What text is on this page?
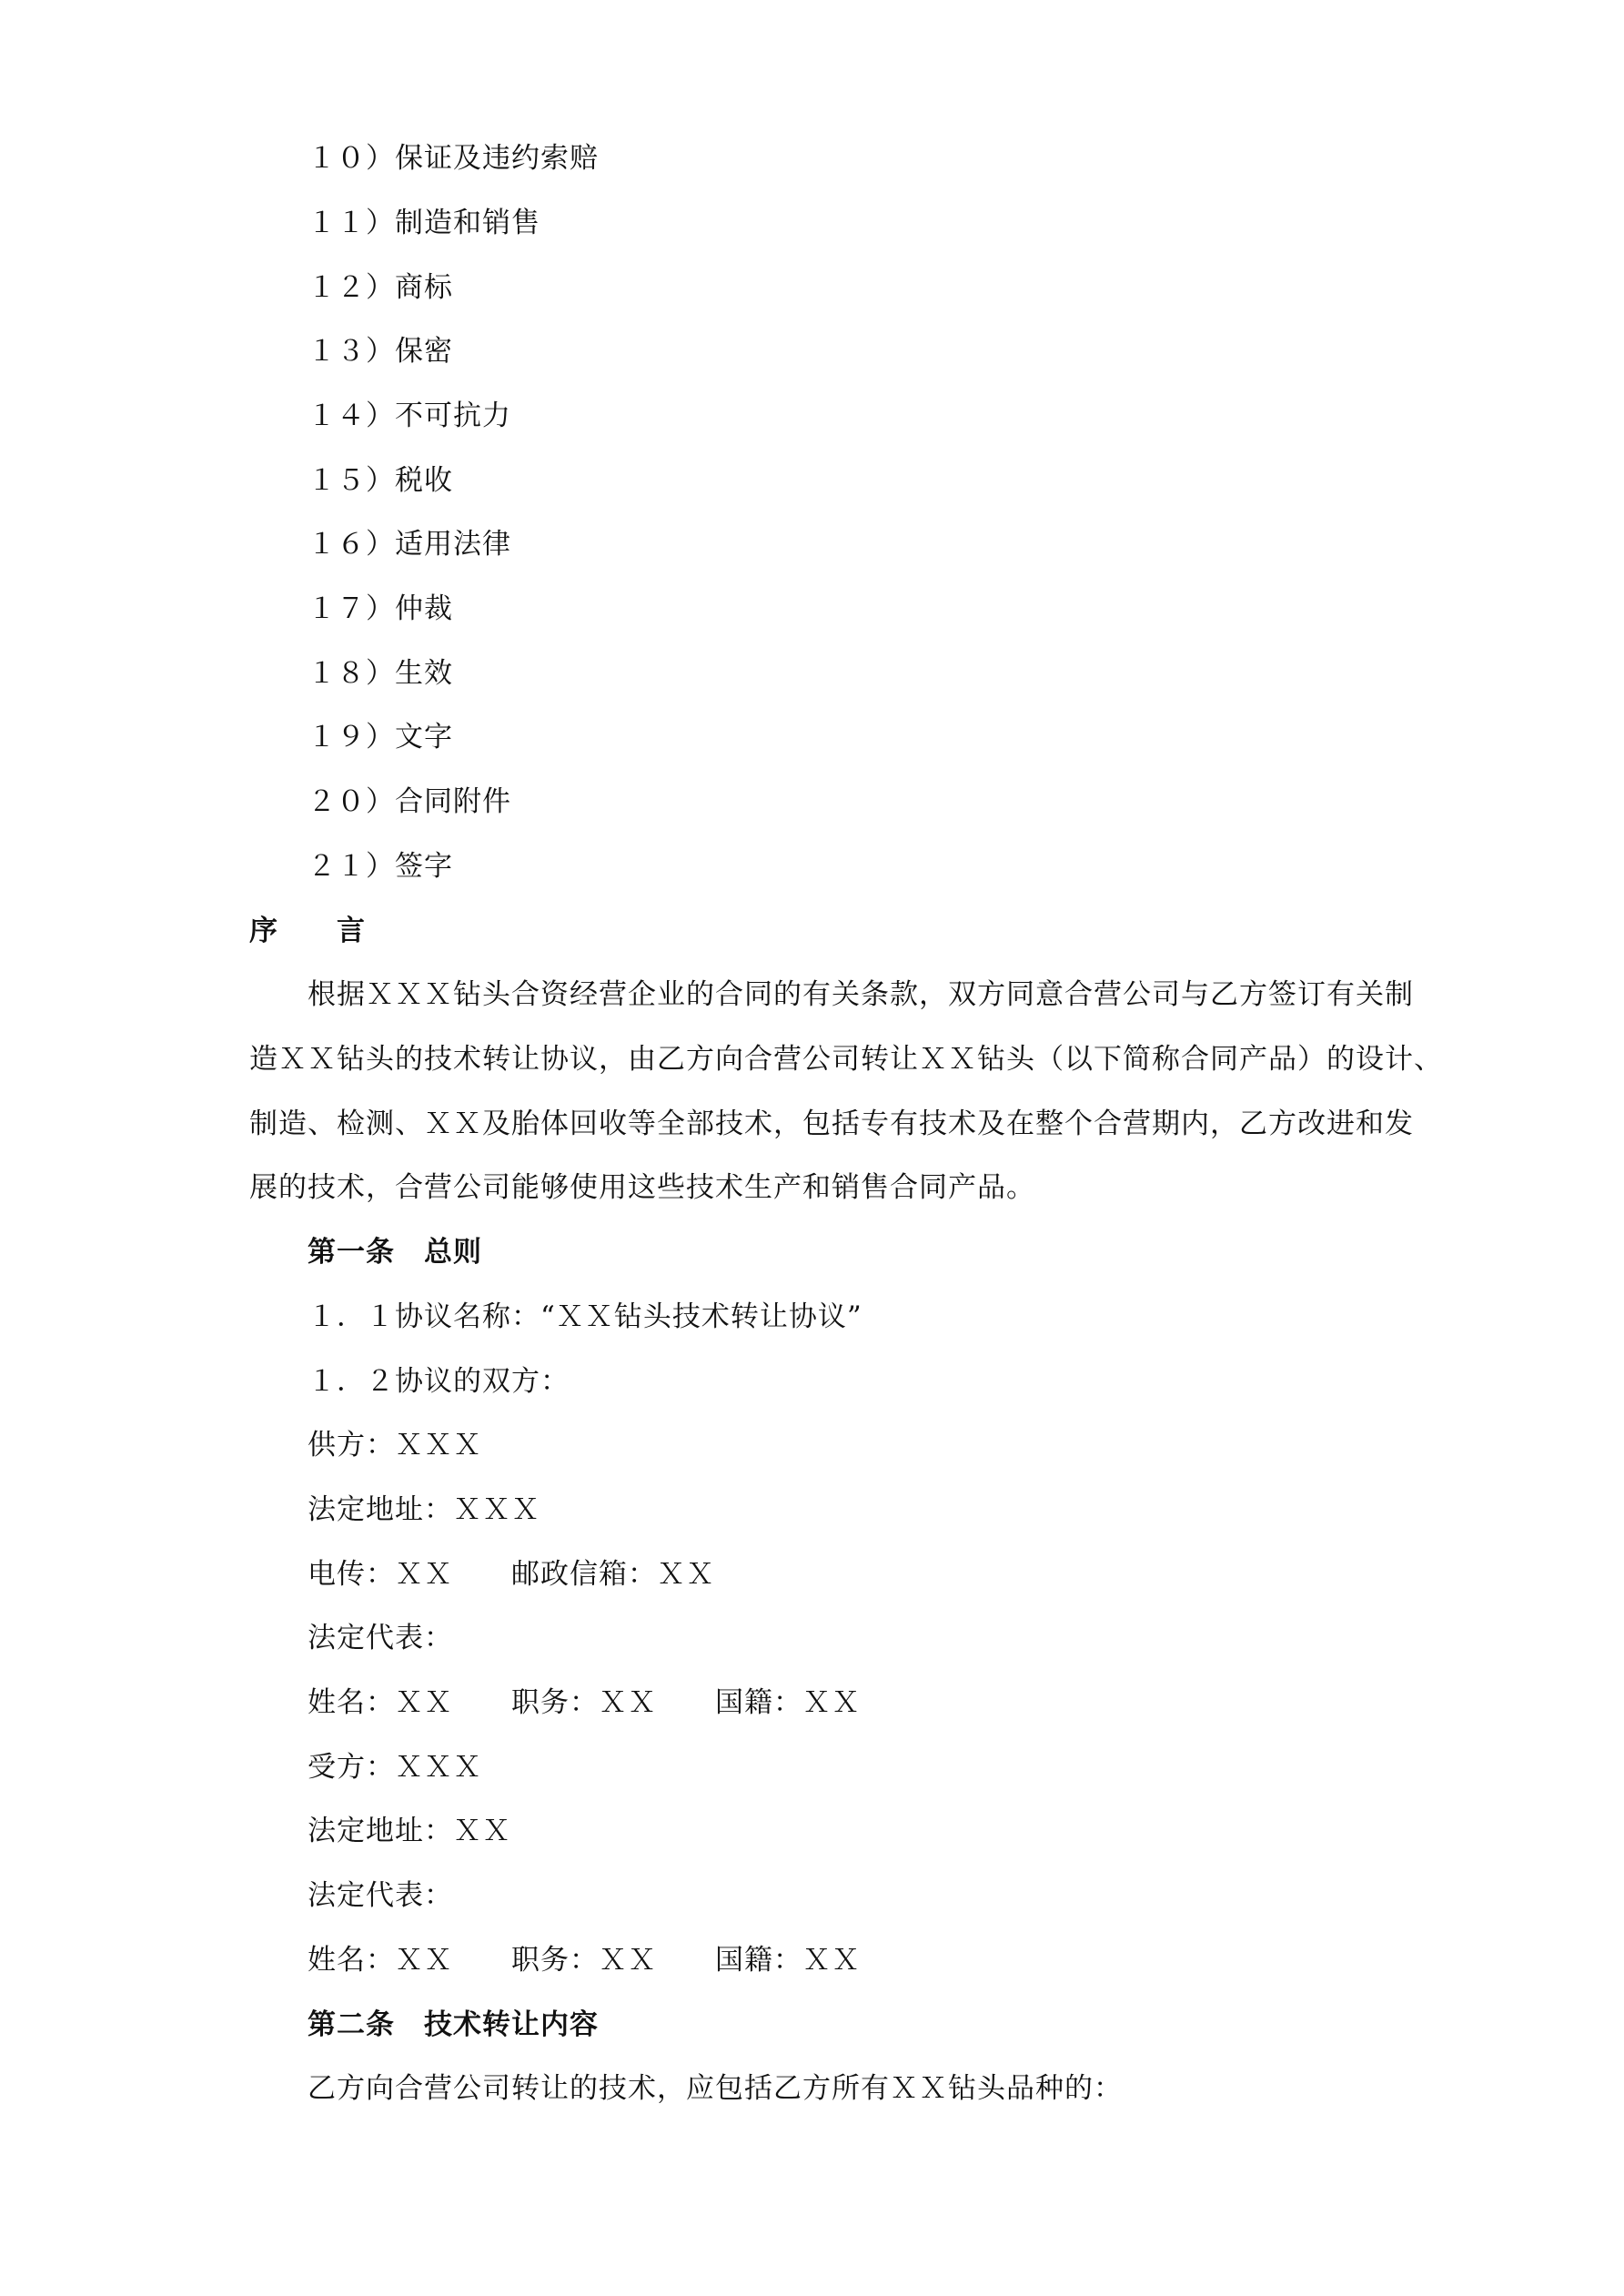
１０）保证及违约索赔
１１）制造和销售
１２）商标
１３）保密
１４）不可抗力
１５）税收
１６）适用法律
１７）仲裁
１８）生效
１９）文字
２０）合同附件
２１）签字
序　　言
根据ＸＸＸ钻头合资经营企业的合同的有关条款，双方同意合营公司与乙方签订有关制
造ＸＸ钻头的技术转让协议，由乙方向合营公司转让ＸＸ钻头（以下简称合同产品）的设计、
制造、检测、ＸＸ及胎体回收等全部技术，包括专有技术及在整个合营期内，乙方改进和发
展的技术，合营公司能够使用这些技术生产和销售合同产品。
第一条　总则
１．１协议名称：“ＸＸ钻头技术转让协议”
１．２协议的双方：
供方：ＸＸＸ
法定地址：ＸＸＸ
电传：ＸＸ　　邮政信箱：ＸＸ
法定代表：
姓名：ＸＸ　　职务：ＸＸ　　国籍：ＸＸ
受方：ＸＸＸ
法定地址：ＸＸ
法定代表：
姓名：ＸＸ　　职务：ＸＸ　　国籍：ＸＸ
第二条　技术转让内容
乙方向合营公司转让的技术，应包括乙方所有ＸＸ钻头品种的：
